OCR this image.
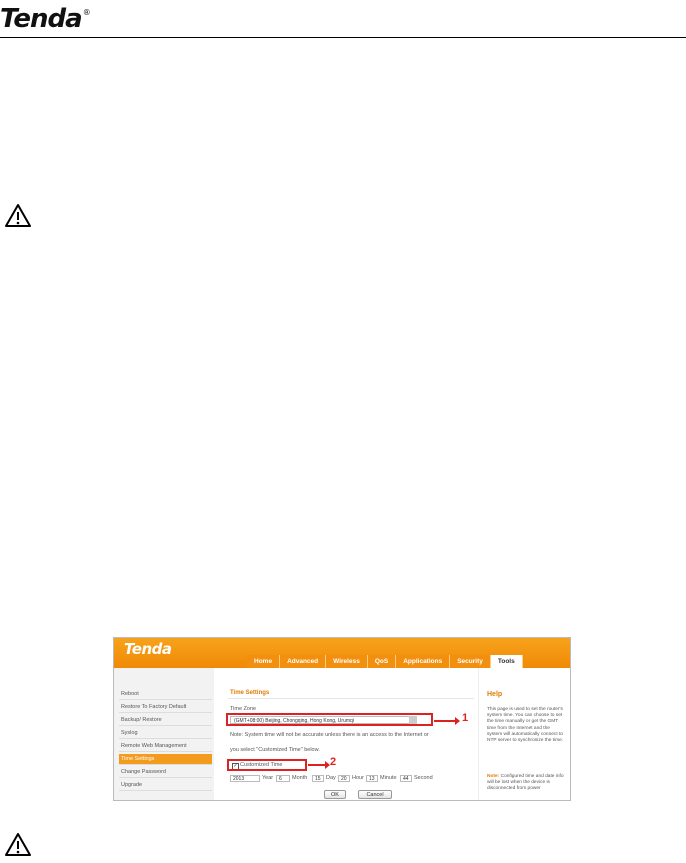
Tenda®
Tenda
Home	Advanced	Wireless	QoS	Applications	Security	Tools
Reboot
Restore To Factory Default
Backup/ Restore
Syslog
Remote Web Management
Time Settings
Change Password
Upgrade
Time Settings
Time Zone
(GMT+08:00) Beijing, Chongqing, Hong Kong, Urumqi	1
Note: System time will not be accurate unless there is an access to the Internet or
you select "Customized Time" below.
✓ Customized Time	2
2013	Year	6	Month	15 Day	20 Hour	13 Minute	44 Second
OK	Cancel
Help
This page is used to set the router's system time. You can choose to set the time manually or get the GMT time from the Internet and the system will automatically connect to NTP server to synchronize the time.
Note: Configured time and date info will be lost when the device is disconnected from power
